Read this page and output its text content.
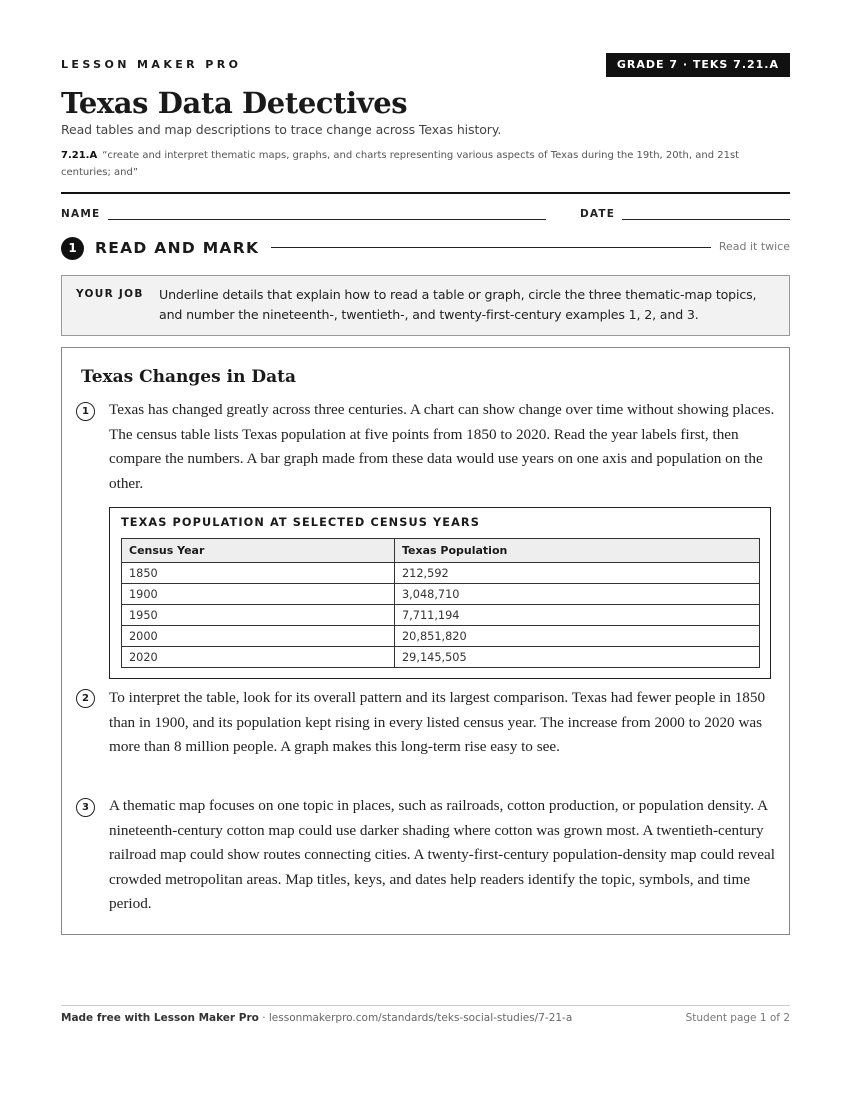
LESSON MAKER PRO	GRADE 7 · TEKS 7.21.A
Texas Data Detectives
Read tables and map descriptions to trace change across Texas history.
7.21.A “create and interpret thematic maps, graphs, and charts representing various aspects of Texas during the 19th, 20th, and 21st centuries; and”
NAME	DATE
1	READ AND MARK	Read it twice
YOUR JOB Underline details that explain how to read a table or graph, circle the three thematic-map topics, and number the nineteenth-, twentieth-, and twenty-first-century examples 1, 2, and 3.
Texas Changes in Data
1	Texas has changed greatly across three centuries. A chart can show change over time without showing places. The census table lists Texas population at five points from 1850 to 2020. Read the year labels first, then compare the numbers. A bar graph made from these data would use years on one axis and population on the other.
TEXAS POPULATION AT SELECTED CENSUS YEARS
Census Year	Texas Population
1850	212,592
1900	3,048,710
1950	7,711,194
2000	20,851,820
2020	29,145,505
2	To interpret the table, look for its overall pattern and its largest comparison. Texas had fewer people in 1850 than in 1900, and its population kept rising in every listed census year. The increase from 2000 to 2020 was more than 8 million people. A graph makes this long-term rise easy to see.
3	A thematic map focuses on one topic in places, such as railroads, cotton production, or population density. A nineteenth-century cotton map could use darker shading where cotton was grown most. A twentieth-century railroad map could show routes connecting cities. A twenty-first-century population-density map could reveal crowded metropolitan areas. Map titles, keys, and dates help readers identify the topic, symbols, and time period.
Made free with Lesson Maker Pro · lessonmakerpro.com/standards/teks-social-studies/7-21-a	Student page 1 of 2
